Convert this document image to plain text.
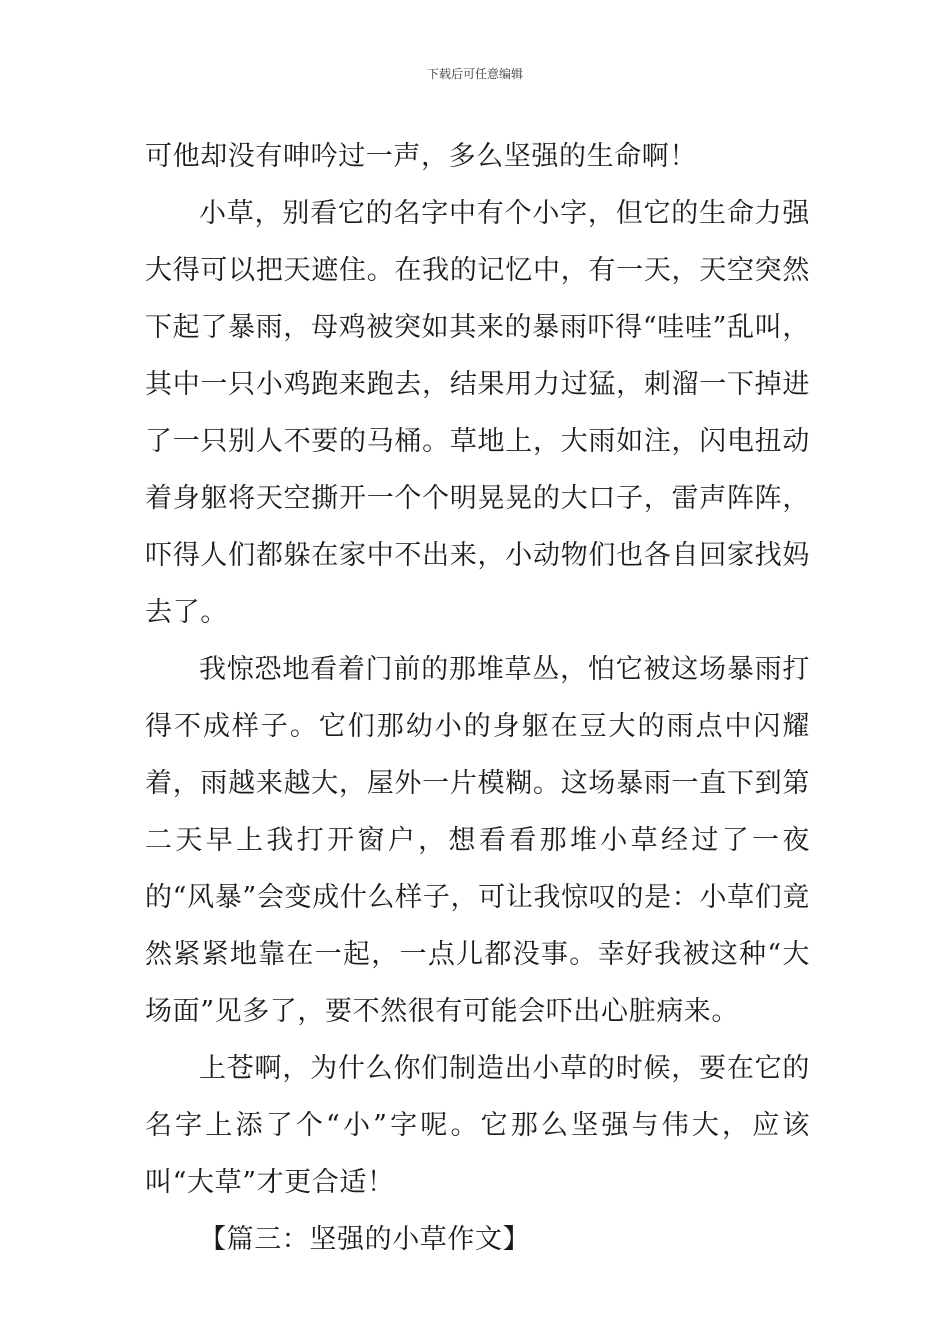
下载后可任意编辑

可他却没有呻吟过一声，多么坚强的生命啊！

小草，别看它的名字中有个小字，但它的生命力强大得可以把天遮住。在我的记忆中，有一天，天空突然下起了暴雨，母鸡被突如其来的暴雨吓得“哇哇”乱叫，其中一只小鸡跑来跑去，结果用力过猛，刺溜一下掉进了一只别人不要的马桶。草地上，大雨如注，闪电扭动着身躯将天空撕开一个个明晃晃的大口子，雷声阵阵，吓得人们都躲在家中不出来，小动物们也各自回家找妈去了。

我惊恐地看着门前的那堆草丛，怕它被这场暴雨打得不成样子。它们那幼小的身躯在豆大的雨点中闪耀着，雨越来越大，屋外一片模糊。这场暴雨一直下到第二天早上我打开窗户，想看看那堆小草经过了一夜的“风暴”会变成什么样子，可让我惊叹的是：小草们竟然紧紧地靠在一起，一点儿都没事。幸好我被这种“大场面”见多了，要不然很有可能会吓出心脏病来。

上苍啊，为什么你们制造出小草的时候，要在它的名字上添了个“小”字呢。它那么坚强与伟大，应该叫“大草”才更合适！

【篇三：坚强的小草作文】
